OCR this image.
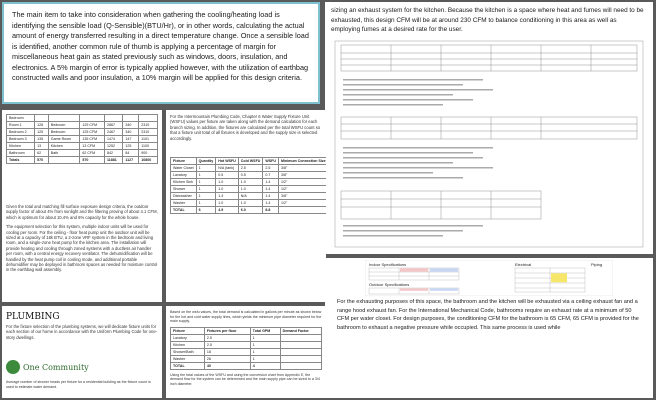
The main item to take into consideration when gathering the cooling/heating load is identifying the sensible load (Q-Sensible)(BTU/Hr), or in other words, calculating the actual amount of energy transferred resulting in a direct temperature change. Once a sensible load is identified, another common rule of thumb is applying a percentage of margin for miscellaneous heat gain as stated previously such as windows, doors, insulation, and electronics. A 5% margin of error is typically applied however, with the utilization of earthbag constructed walls and poor insulation, a 10% margin will be applied for this design criteria.

sizing an exhaust system for the kitchen. Because the kitchen is a space where heat and fumes will need to be exhausted, this design CFM will be at around 230 CFM to balance conditioning in this area as well as employing fumes at a desired rate for the user.

Bedroom						
Room 1	128	Bedroom	129 CFM	2867	340	2310
Bedroom 2	125	Bedroom	125 CFM	2467	340	2310
Bedroom 3	135	Game Room	135 CFM	1474	147	1101
Kitchen	13	Kitchen	13 CFM	1252	125	1100
Bathroom	62	Bath	62 CFM	842	84	900
Totals	570		570	11881	1127	10800

Given the total and matching fill surface exposure design criteria, the outdoor supply factor of about 4% from sunlight and the filtering proving of about 4.1 CFM, which is optimum for about 10.4% and 6% capacity for the whole house.

The equipment selection for this system, multiple indoor units will be used for cooling per room. For the ceiling - floor heat pump unit the outdoor unit will be sized at a capacity of 18k BTU, a 2-zone VRF system in the bedroom and living room, and a single-zone heat pump for the kitchen area. The installation will provide heating and cooling through zoned systems with a ductless air handler per room, with a central energy recovery ventilator. The dehumidification will be handled by the heat pump coil in cooling mode, and additional portable dehumidifier may be deployed in bathroom spaces as needed for moisture control in the earthbag wall assembly.

For the Intermountain Plumbing Code, Chapter 6 Water Supply Fixture Unit (WSFU) values per fixture are taken along with the demand calculation for each branch sizing. In addition, the fixtures are calculated per the total WSFU count so that a fixture unit total of all fixtures is developed and the supply size is selected accordingly.

Fixture	Quantity	Hot WSFU	Cold WSFU	WSFU	Minimum Connection Size
Water Closet	1	N/A (tank)	2.5	2.5	3/8"
Lavatory	1	0.5	0.5	0.7	3/8"
Kitchen Sink	1	1.0	1.0	1.4	1/2"
Shower	1	1.0	1.0	1.4	1/2"
Dishwasher	1	1.4	N/A	1.4	3/8"
Washer	1	1.0	1.0	1.4	1/2"
TOTAL	6	4.9	6.0	8.8	
PLUMBING

For the fixture selection of the plumbing systems, we will dedicate fixture units for each section of our home in accordance with the Uniform Plumbing Code for one-story dwellings.

One Community

Average number of shower heads per fixture for a residential building as the fixture count is used to estimate water demand.

Based on the wsfu values, the total demand is calculated in gallons per minute as shown below for the hot and cold water supply lines, which yields the minimum pipe diameter required for the main supply.

Fixture	Fixtures per floor	Total GPM	Demand Factor
Lavatory	2.5	1	
Kitchen	2.5	1	
Shower/Bath	18	1	
Washer	28	1	
TOTAL	40	4	

Using the total values of the WSFU and using the conversion chart from Appendix E, the demand flow for the system can be determined and the main supply pipe can be sized to a 3/4 inch diameter.

Indoor Specifications	Electrical
Outdoor Specifications
Piping

For the exhausting purposes of this space, the bathroom and the kitchen will be exhausted via a ceiling exhaust fan and a range hood exhaust fan. For the International Mechanical Code, bathrooms require an exhaust rate at a minimum of 50 CFM per water closet. For design purposes, the conditioning CFM for the bathroom is 65 CFM, 65 CFM is provided for the bathroom to exhaust a negative pressure while occupied. This same process is used while
